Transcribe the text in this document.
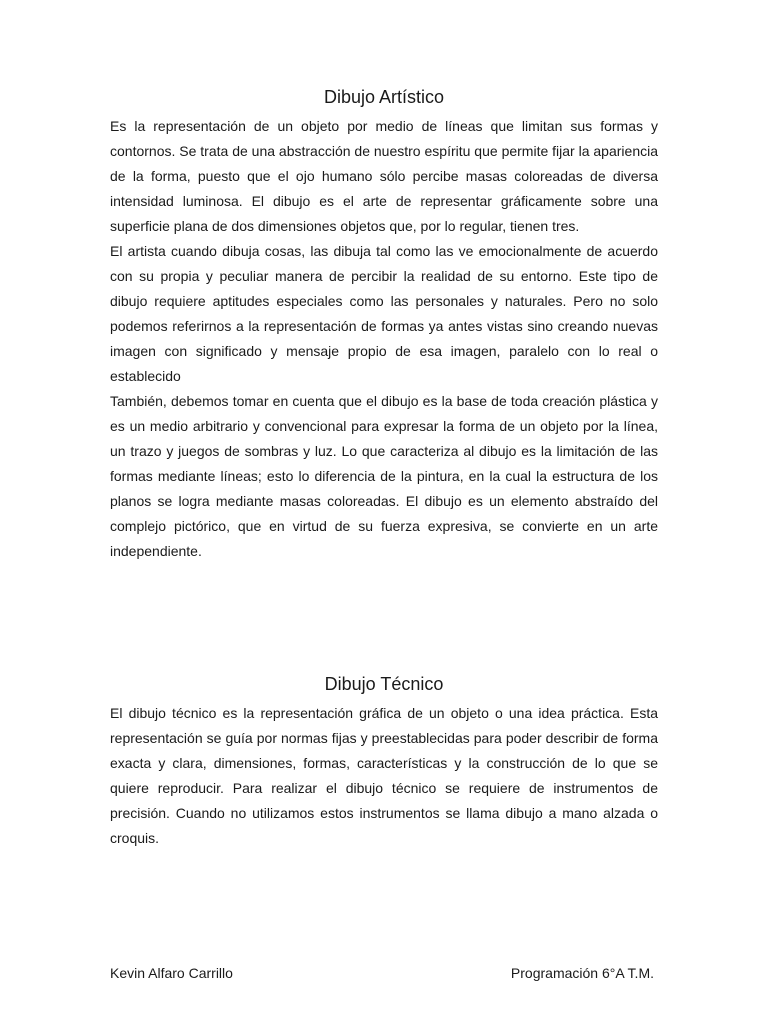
Dibujo Artístico

Es la representación de un objeto por medio de líneas que limitan sus formas y contornos. Se trata de una abstracción de nuestro espíritu que permite fijar la apariencia de la forma, puesto que el ojo humano sólo percibe masas coloreadas de diversa intensidad luminosa. El dibujo es el arte de representar gráficamente sobre una superficie plana de dos dimensiones objetos que, por lo regular, tienen tres.

El artista cuando dibuja cosas, las dibuja tal como las ve emocionalmente de acuerdo con su propia y peculiar manera de percibir la realidad de su entorno. Este tipo de dibujo requiere aptitudes especiales como las personales y naturales. Pero no solo podemos referirnos a la representación de formas ya antes vistas sino creando nuevas imagen con significado y mensaje propio de esa imagen, paralelo con lo real o establecido

También, debemos tomar en cuenta que el dibujo es la base de toda creación plástica y es un medio arbitrario y convencional para expresar la forma de un objeto por la línea, un trazo y juegos de sombras y luz. Lo que caracteriza al dibujo es la limitación de las formas mediante líneas; esto lo diferencia de la pintura, en la cual la estructura de los planos se logra mediante masas coloreadas. El dibujo es un elemento abstraído del complejo pictórico, que en virtud de su fuerza expresiva, se convierte en un arte independiente.

Dibujo Técnico

El dibujo técnico es la representación gráfica de un objeto o una idea práctica. Esta representación se guía por normas fijas y preestablecidas para poder describir de forma exacta y clara, dimensiones, formas, características y la construcción de lo que se quiere reproducir. Para realizar el dibujo técnico se requiere de instrumentos de precisión. Cuando no utilizamos estos instrumentos se llama dibujo a mano alzada o croquis.

Kevin Alfaro Carrillo	Programación 6°A T.M.
